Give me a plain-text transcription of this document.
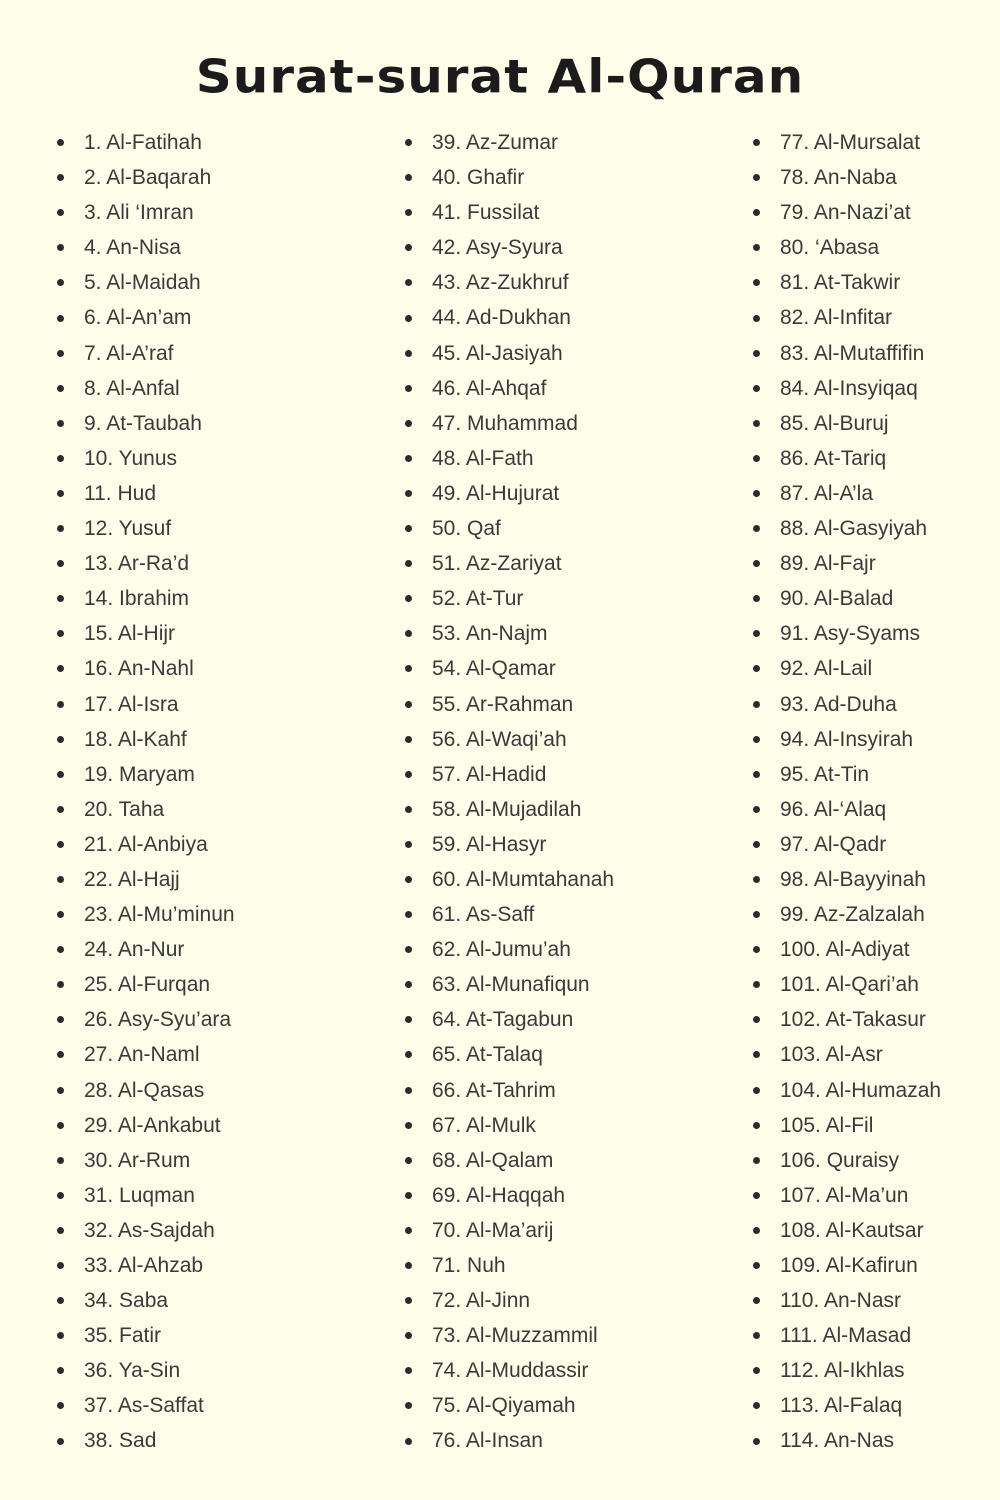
Surat-surat Al-Quran
1. Al-Fatihah
2. Al-Baqarah
3. Ali ‘Imran
4. An-Nisa
5. Al-Maidah
6. Al-An’am
7. Al-A’raf
8. Al-Anfal
9. At-Taubah
10. Yunus
11. Hud
12. Yusuf
13. Ar-Ra’d
14. Ibrahim
15. Al-Hijr
16. An-Nahl
17. Al-Isra
18. Al-Kahf
19. Maryam
20. Taha
21. Al-Anbiya
22. Al-Hajj
23. Al-Mu’minun
24. An-Nur
25. Al-Furqan
26. Asy-Syu’ara
27. An-Naml
28. Al-Qasas
29. Al-Ankabut
30. Ar-Rum
31. Luqman
32. As-Sajdah
33. Al-Ahzab
34. Saba
35. Fatir
36. Ya-Sin
37. As-Saffat
38. Sad
39. Az-Zumar
40. Ghafir
41. Fussilat
42. Asy-Syura
43. Az-Zukhruf
44. Ad-Dukhan
45. Al-Jasiyah
46. Al-Ahqaf
47. Muhammad
48. Al-Fath
49. Al-Hujurat
50. Qaf
51. Az-Zariyat
52. At-Tur
53. An-Najm
54. Al-Qamar
55. Ar-Rahman
56. Al-Waqi’ah
57. Al-Hadid
58. Al-Mujadilah
59. Al-Hasyr
60. Al-Mumtahanah
61. As-Saff
62. Al-Jumu’ah
63. Al-Munafiqun
64. At-Tagabun
65. At-Talaq
66. At-Tahrim
67. Al-Mulk
68. Al-Qalam
69. Al-Haqqah
70. Al-Ma’arij
71. Nuh
72. Al-Jinn
73. Al-Muzzammil
74. Al-Muddassir
75. Al-Qiyamah
76. Al-Insan
77. Al-Mursalat
78. An-Naba
79. An-Nazi’at
80. ‘Abasa
81. At-Takwir
82. Al-Infitar
83. Al-Mutaffifin
84. Al-Insyiqaq
85. Al-Buruj
86. At-Tariq
87. Al-A’la
88. Al-Gasyiyah
89. Al-Fajr
90. Al-Balad
91. Asy-Syams
92. Al-Lail
93. Ad-Duha
94. Al-Insyirah
95. At-Tin
96. Al-‘Alaq
97. Al-Qadr
98. Al-Bayyinah
99. Az-Zalzalah
100. Al-Adiyat
101. Al-Qari’ah
102. At-Takasur
103. Al-Asr
104. Al-Humazah
105. Al-Fil
106. Quraisy
107. Al-Ma’un
108. Al-Kautsar
109. Al-Kafirun
110. An-Nasr
111. Al-Masad
112. Al-Ikhlas
113. Al-Falaq
114. An-Nas
